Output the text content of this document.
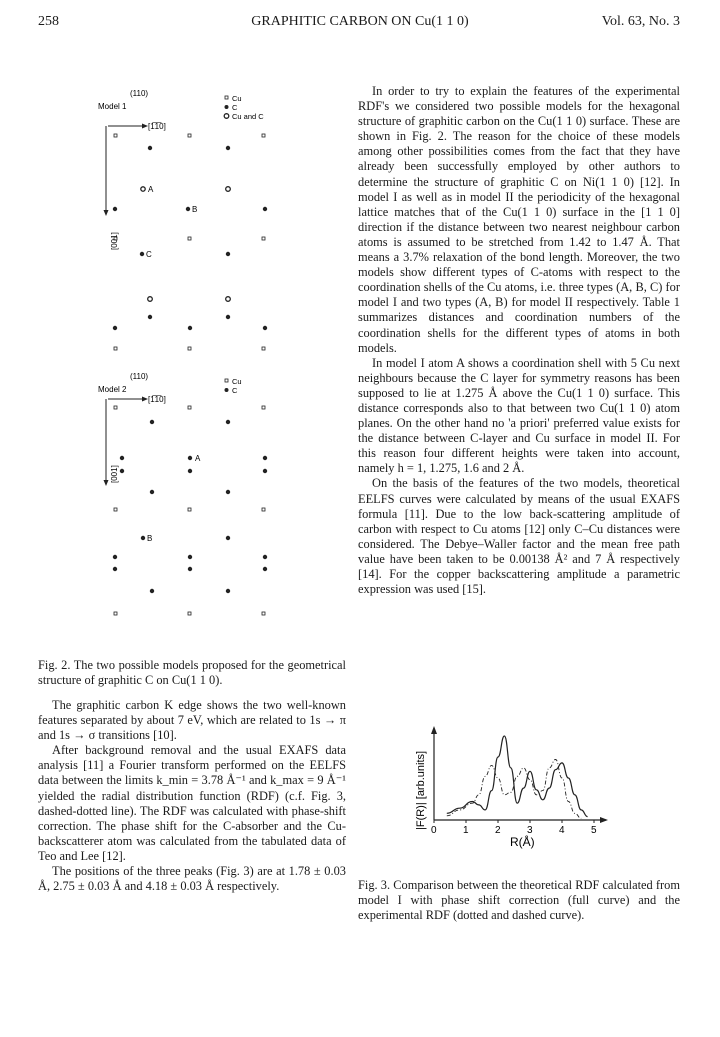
258	GRAPHITIC CARBON ON Cu(1 1 0)	Vol. 63, No. 3
(110)
Model 1
Cu
C
Cu and C
[1̅1̅0]
[001]
A
B
C
(110)
Model 2
Cu
C
[1̅1̅0]
[001]
A
B
Fig. 2. The two possible models proposed for the geometrical structure of graphitic C on Cu(1 1 0).

The graphitic carbon K edge shows the two well-known features separated by about 7 eV, which are related to 1s → π and 1s → σ transitions [10].

After background removal and the usual EXAFS data analysis [11] a Fourier transform performed on the EELFS data between the limits k_min = 3.78 Å⁻¹ and k_max = 9 Å⁻¹ yielded the radial distribution function (RDF) (c.f. Fig. 3, dashed-dotted line). The RDF was calculated with phase-shift correction. The phase shift for the C-absorber and the Cu-backscatterer atom was calculated from the tabulated data of Teo and Lee [12].

The positions of the three peaks (Fig. 3) are at 1.78 ± 0.03 Å, 2.75 ± 0.03 Å and 4.18 ± 0.03 Å respectively.

In order to try to explain the features of the experimental RDF's we considered two possible models for the hexagonal structure of graphitic carbon on the Cu(1 1 0) surface. These are shown in Fig. 2. The reason for the choice of these models among other possibilities comes from the fact that they have already been successfully employed by other authors to determine the structure of graphitic C on Ni(1 1 0) [12]. In model I as well as in model II the periodicity of the hexagonal lattice matches that of the Cu(1 1 0) surface in the [1 1 0] direction if the distance between two nearest neighbour carbon atoms is assumed to be stretched from 1.42 to 1.47 Å. That means a 3.7% relaxation of the bond length. Moreover, the two models show different types of C-atoms with respect to the coordination shells of the Cu atoms, i.e. three types (A, B, C) for model I and two types (A, B) for model II respectively. Table 1 summarizes distances and coordination numbers of the coordination shells for the different types of atoms in both models.

In model I atom A shows a coordination shell with 5 Cu next neighbours because the C layer for symmetry reasons has been supposed to lie at 1.275 Å above the Cu(1 1 0) surface. This distance corresponds also to that between two Cu(1 1 0) atom planes. On the other hand no 'a priori' preferred value exists for the distance between C-layer and Cu surface in model II. For this reason four different heights were taken into account, namely h = 1, 1.275, 1.6 and 2 Å.

On the basis of the features of the two models, theoretical EELFS curves were calculated by means of the usual EXAFS formula [11]. Due to the low back-scattering amplitude of carbon with respect to Cu atoms [12] only C–Cu distances were considered. The Debye–Waller factor and the mean free path value have been taken to be 0.00138 Å² and 7 Å respectively [14]. For the copper backscattering amplitude a parametric expression was used [15].

|F(R)| [arb.units]
0	1	2	3	4	5
R(Å)
Fig. 3. Comparison between the theoretical RDF calculated from model I with phase shift correction (full curve) and the experimental RDF (dotted and dashed curve).
